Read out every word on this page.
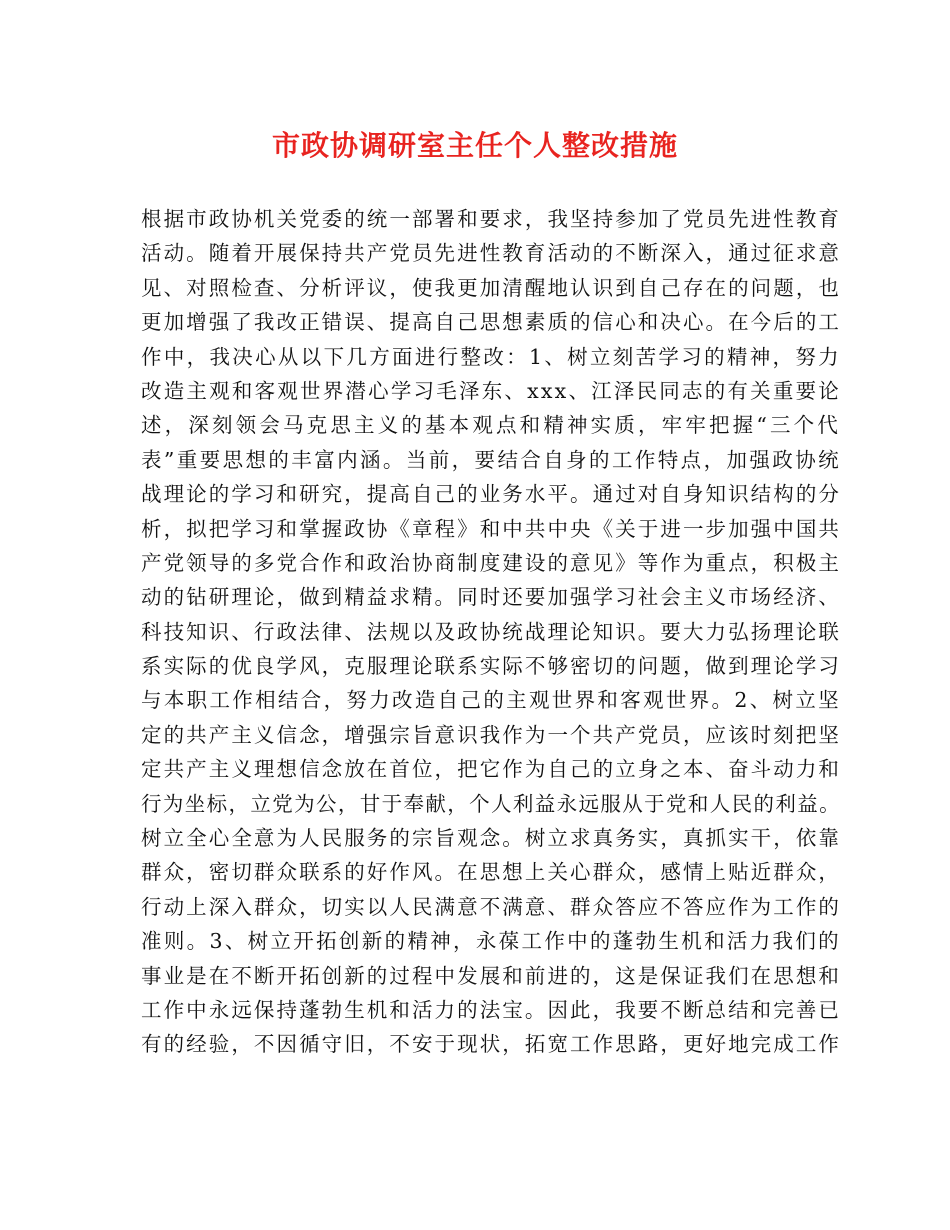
市政协调研室主任个人整改措施
根据市政协机关党委的统一部署和要求，我坚持参加了党员先进性教育
活动。随着开展保持共产党员先进性教育活动的不断深入，通过征求意
见、对照检查、分析评议，使我更加清醒地认识到自己存在的问题，也
更加增强了我改正错误、提高自己思想素质的信心和决心。在今后的工
作中，我决心从以下几方面进行整改：1、树立刻苦学习的精神，努力
改造主观和客观世界潜心学习毛泽东、xxx、江泽民同志的有关重要论
述，深刻领会马克思主义的基本观点和精神实质，牢牢把握“三个代
表”重要思想的丰富内涵。当前，要结合自身的工作特点，加强政协统
战理论的学习和研究，提高自己的业务水平。通过对自身知识结构的分
析，拟把学习和掌握政协《章程》和中共中央《关于进一步加强中国共
产党领导的多党合作和政治协商制度建设的意见》等作为重点，积极主
动的钻研理论，做到精益求精。同时还要加强学习社会主义市场经济、
科技知识、行政法律、法规以及政协统战理论知识。要大力弘扬理论联
系实际的优良学风，克服理论联系实际不够密切的问题，做到理论学习
与本职工作相结合，努力改造自己的主观世界和客观世界。2、树立坚
定的共产主义信念，增强宗旨意识我作为一个共产党员，应该时刻把坚
定共产主义理想信念放在首位，把它作为自己的立身之本、奋斗动力和
行为坐标，立党为公，甘于奉献，个人利益永远服从于党和人民的利益。
树立全心全意为人民服务的宗旨观念。树立求真务实，真抓实干，依靠
群众，密切群众联系的好作风。在思想上关心群众，感情上贴近群众，
行动上深入群众，切实以人民满意不满意、群众答应不答应作为工作的
准则。3、树立开拓创新的精神，永葆工作中的蓬勃生机和活力我们的
事业是在不断开拓创新的过程中发展和前进的，这是保证我们在思想和
工作中永远保持蓬勃生机和活力的法宝。因此，我要不断总结和完善已
有的经验，不因循守旧，不安于现状，拓宽工作思路，更好地完成工作
